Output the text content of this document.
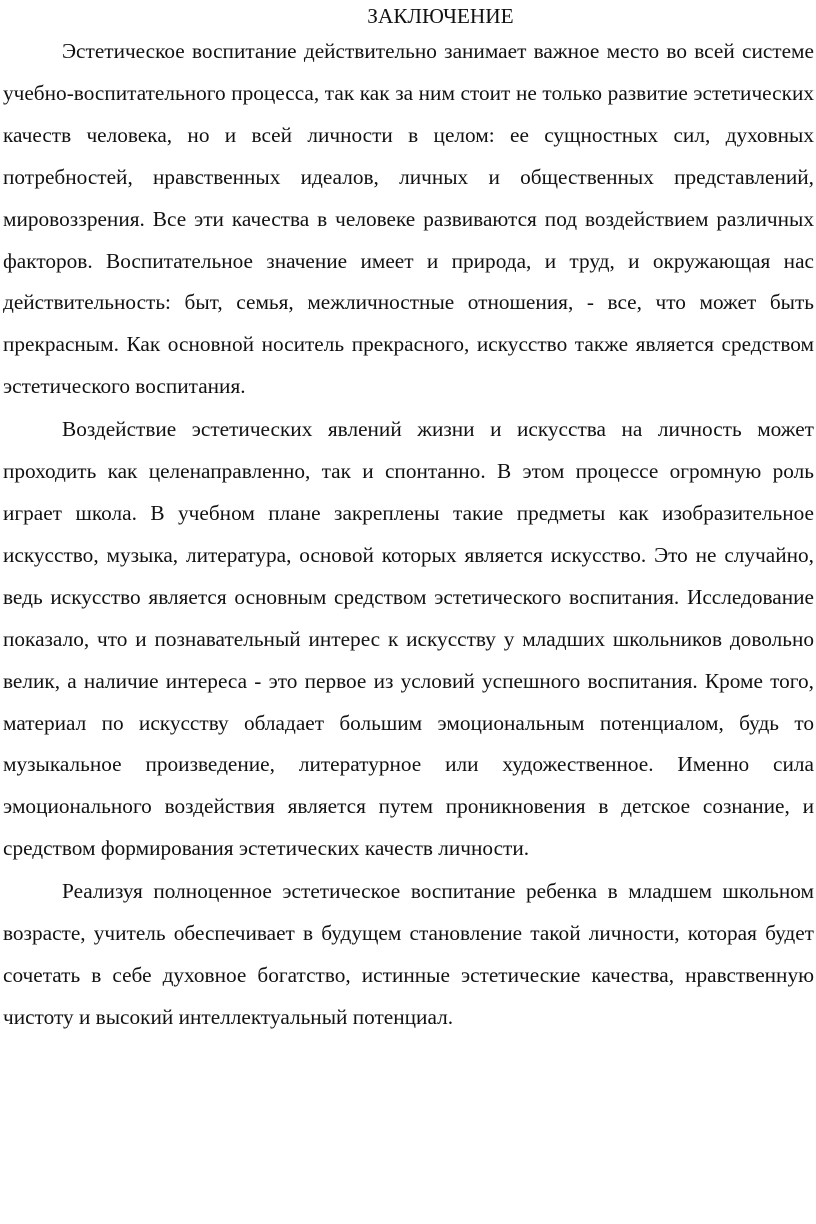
ЗАКЛЮЧЕНИЕ

Эстетическое воспитание действительно занимает важное место во всей системе учебно-воспитательного процесса, так как за ним стоит не только развитие эстетических качеств человека, но и всей личности в целом: ее сущностных сил, духовных потребностей, нравственных идеалов, личных и общественных представлений, мировоззрения. Все эти качества в человеке развиваются под воздействием различных факторов. Воспитательное значение имеет и природа, и труд, и окружающая нас действительность: быт, семья, межличностные отношения, - все, что может быть прекрасным. Как основной носитель прекрасного, искусство также является средством эстетического воспитания.

Воздействие эстетических явлений жизни и искусства на личность может проходить как целенаправленно, так и спонтанно. В этом процессе огромную роль играет школа. В учебном плане закреплены такие предметы как изобразительное искусство, музыка, литература, основой которых является искусство. Это не случайно, ведь искусство является основным средством эстетического воспитания. Исследование показало, что и познавательный интерес к искусству у младших школьников довольно велик, а наличие интереса - это первое из условий успешного воспитания. Кроме того, материал по искусству обладает большим эмоциональным потенциалом, будь то музыкальное произведение, литературное или художественное. Именно сила эмоционального воздействия является путем проникновения в детское сознание, и средством формирования эстетических качеств личности.

Реализуя полноценное эстетическое воспитание ребенка в младшем школьном возрасте, учитель обеспечивает в будущем становление такой личности, которая будет сочетать в себе духовное богатство, истинные эстетические качества, нравственную чистоту и высокий интеллектуальный потенциал.
